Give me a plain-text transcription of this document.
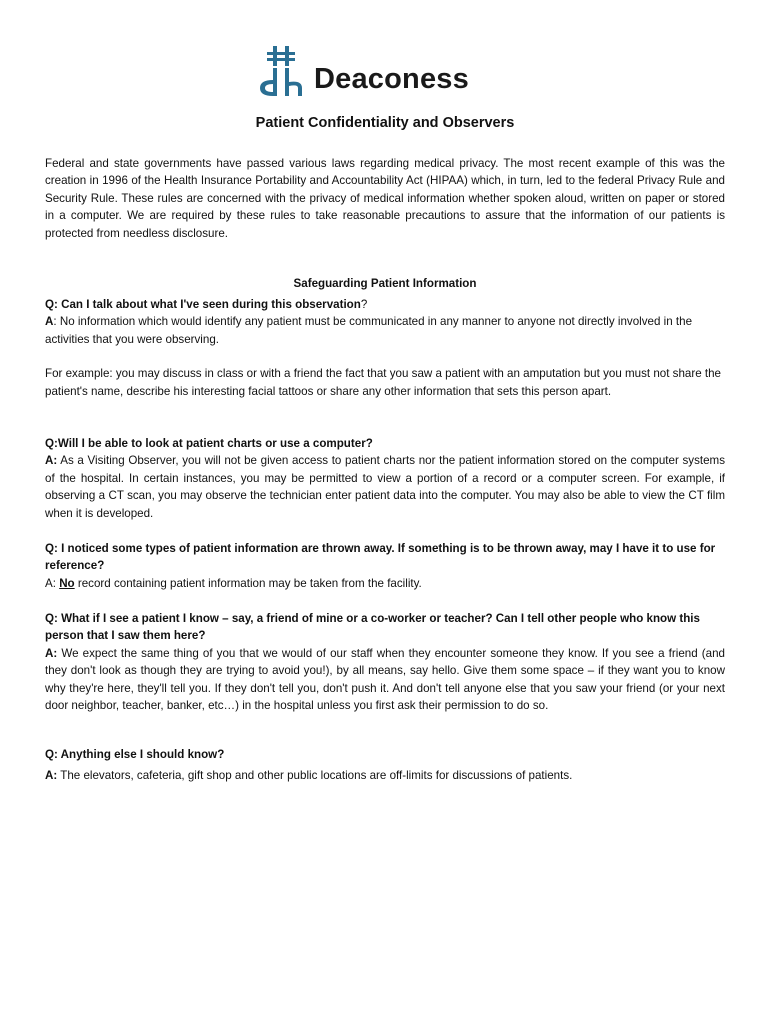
Deaconess
Patient Confidentiality and Observers

Federal and state governments have passed various laws regarding medical privacy. The most recent example of this was the creation in 1996 of the Health Insurance Portability and Accountability Act (HIPAA) which, in turn, led to the federal Privacy Rule and Security Rule. These rules are concerned with the privacy of medical information whether spoken aloud, written on paper or stored in a computer. We are required by these rules to take reasonable precautions to assure that the information of our patients is protected from needless disclosure.

Safeguarding Patient Information

Q: Can I talk about what I've seen during this observation?

A: No information which would identify any patient must be communicated in any manner to anyone not directly involved in the activities that you were observing.

For example: you may discuss in class or with a friend the fact that you saw a patient with an amputation but you must not share the patient's name, describe his interesting facial tattoos or share any other information that sets this person apart.

Q:Will I be able to look at patient charts or use a computer?

A: As a Visiting Observer, you will not be given access to patient charts nor the patient information stored on the computer systems of the hospital. In certain instances, you may be permitted to view a portion of a record or a computer screen. For example, if observing a CT scan, you may observe the technician enter patient data into the computer. You may also be able to view the CT film when it is developed.

Q: I noticed some types of patient information are thrown away. If something is to be thrown away, may I have it to use for reference?

A: No record containing patient information may be taken from the facility.

Q: What if I see a patient I know – say, a friend of mine or a co-worker or teacher? Can I tell other people who know this person that I saw them here?

A: We expect the same thing of you that we would of our staff when they encounter someone they know. If you see a friend (and they don't look as though they are trying to avoid you!), by all means, say hello. Give them some space – if they want you to know why they're here, they'll tell you. If they don't tell you, don't push it. And don't tell anyone else that you saw your friend (or your next door neighbor, teacher, banker, etc…) in the hospital unless you first ask their permission to do so.

Q: Anything else I should know?

A: The elevators, cafeteria, gift shop and other public locations are off-limits for discussions of patients.
